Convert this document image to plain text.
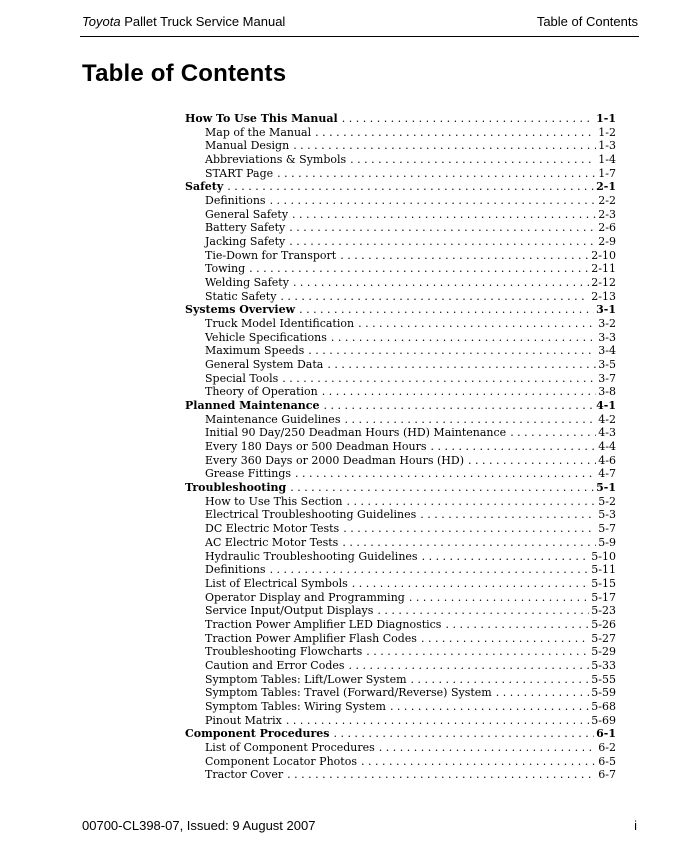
Toyota Pallet Truck Service Manual	Table of Contents
Table of Contents
How To Use This Manual . . .	1-1
Map of the Manual . . .	1-2
Manual Design . . .	1-3
Abbreviations & Symbols . . .	1-4
START Page . . .	1-7
Safety . . .	2-1
Definitions . . .	2-2
General Safety . . .	2-3
Battery Safety . . .	2-6
Jacking Safety . . .	2-9
Tie-Down for Transport . . .	2-10
Towing . . .	2-11
Welding Safety . . .	2-12
Static Safety . . .	2-13
Systems Overview . . .	3-1
Truck Model Identification . . .	3-2
Vehicle Specifications . . .	3-3
Maximum Speeds . . .	3-4
General System Data . . .	3-5
Special Tools . . .	3-7
Theory of Operation . . .	3-8
Planned Maintenance . . .	4-1
Maintenance Guidelines . . .	4-2
Initial 90 Day/250 Deadman Hours (HD) Maintenance . . .	4-3
Every 180 Days or 500 Deadman Hours . . .	4-4
Every 360 Days or 2000 Deadman Hours (HD) . . .	4-6
Grease Fittings . . .	4-7
Troubleshooting . . .	5-1
How to Use This Section . . .	5-2
Electrical Troubleshooting Guidelines . . .	5-3
DC Electric Motor Tests . . .	5-7
AC Electric Motor Tests . . .	5-9
Hydraulic Troubleshooting Guidelines . . .	5-10
Definitions . . .	5-11
List of Electrical Symbols . . .	5-15
Operator Display and Programming . . .	5-17
Service Input/Output Displays . . .	5-23
Traction Power Amplifier LED Diagnostics . . .	5-26
Traction Power Amplifier Flash Codes . . .	5-27
Troubleshooting Flowcharts . . .	5-29
Caution and Error Codes . . .	5-33
Symptom Tables: Lift/Lower System . . .	5-55
Symptom Tables: Travel (Forward/Reverse) System . . .	5-59
Symptom Tables: Wiring System . . .	5-68
Pinout Matrix . . .	5-69
Component Procedures . . .	6-1
List of Component Procedures . . .	6-2
Component Locator Photos . . .	6-5
Tractor Cover . . .	6-7
00700-CL398-07, Issued: 9 August 2007	i
